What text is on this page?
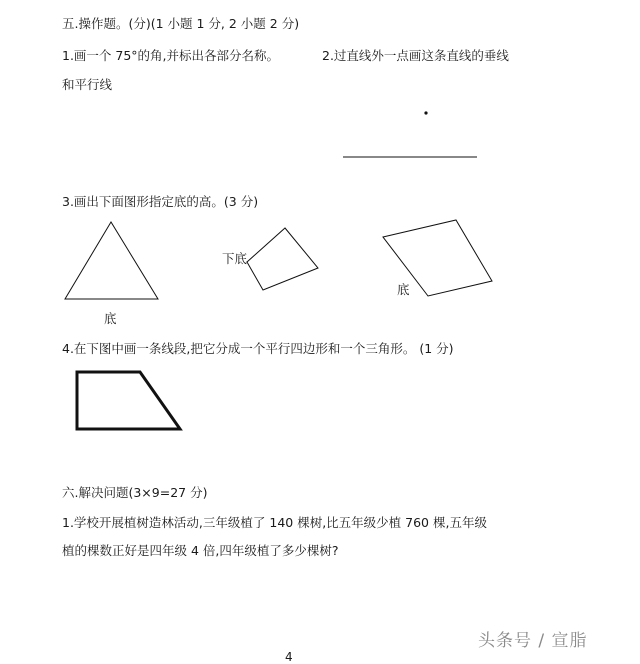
五.操作题。(分)(1 小题 1 分, 2 小题 2 分)
1.画一个 75°的角,并标出各部分名称。	2.过直线外一点画这条直线的垂线
和平行线
3.画出下面图形指定底的高。(3 分)
底
下底
底
4.在下图中画一条线段,把它分成一个平行四边形和一个三角形。 (1 分)
六.解决问题(3×9=27 分)
1.学校开展植树造林活动,三年级植了 140 棵树,比五年级少植 760 棵,五年级
植的棵数正好是四年级 4 倍,四年级植了多少棵树?
头条号 / 宣脂
4
